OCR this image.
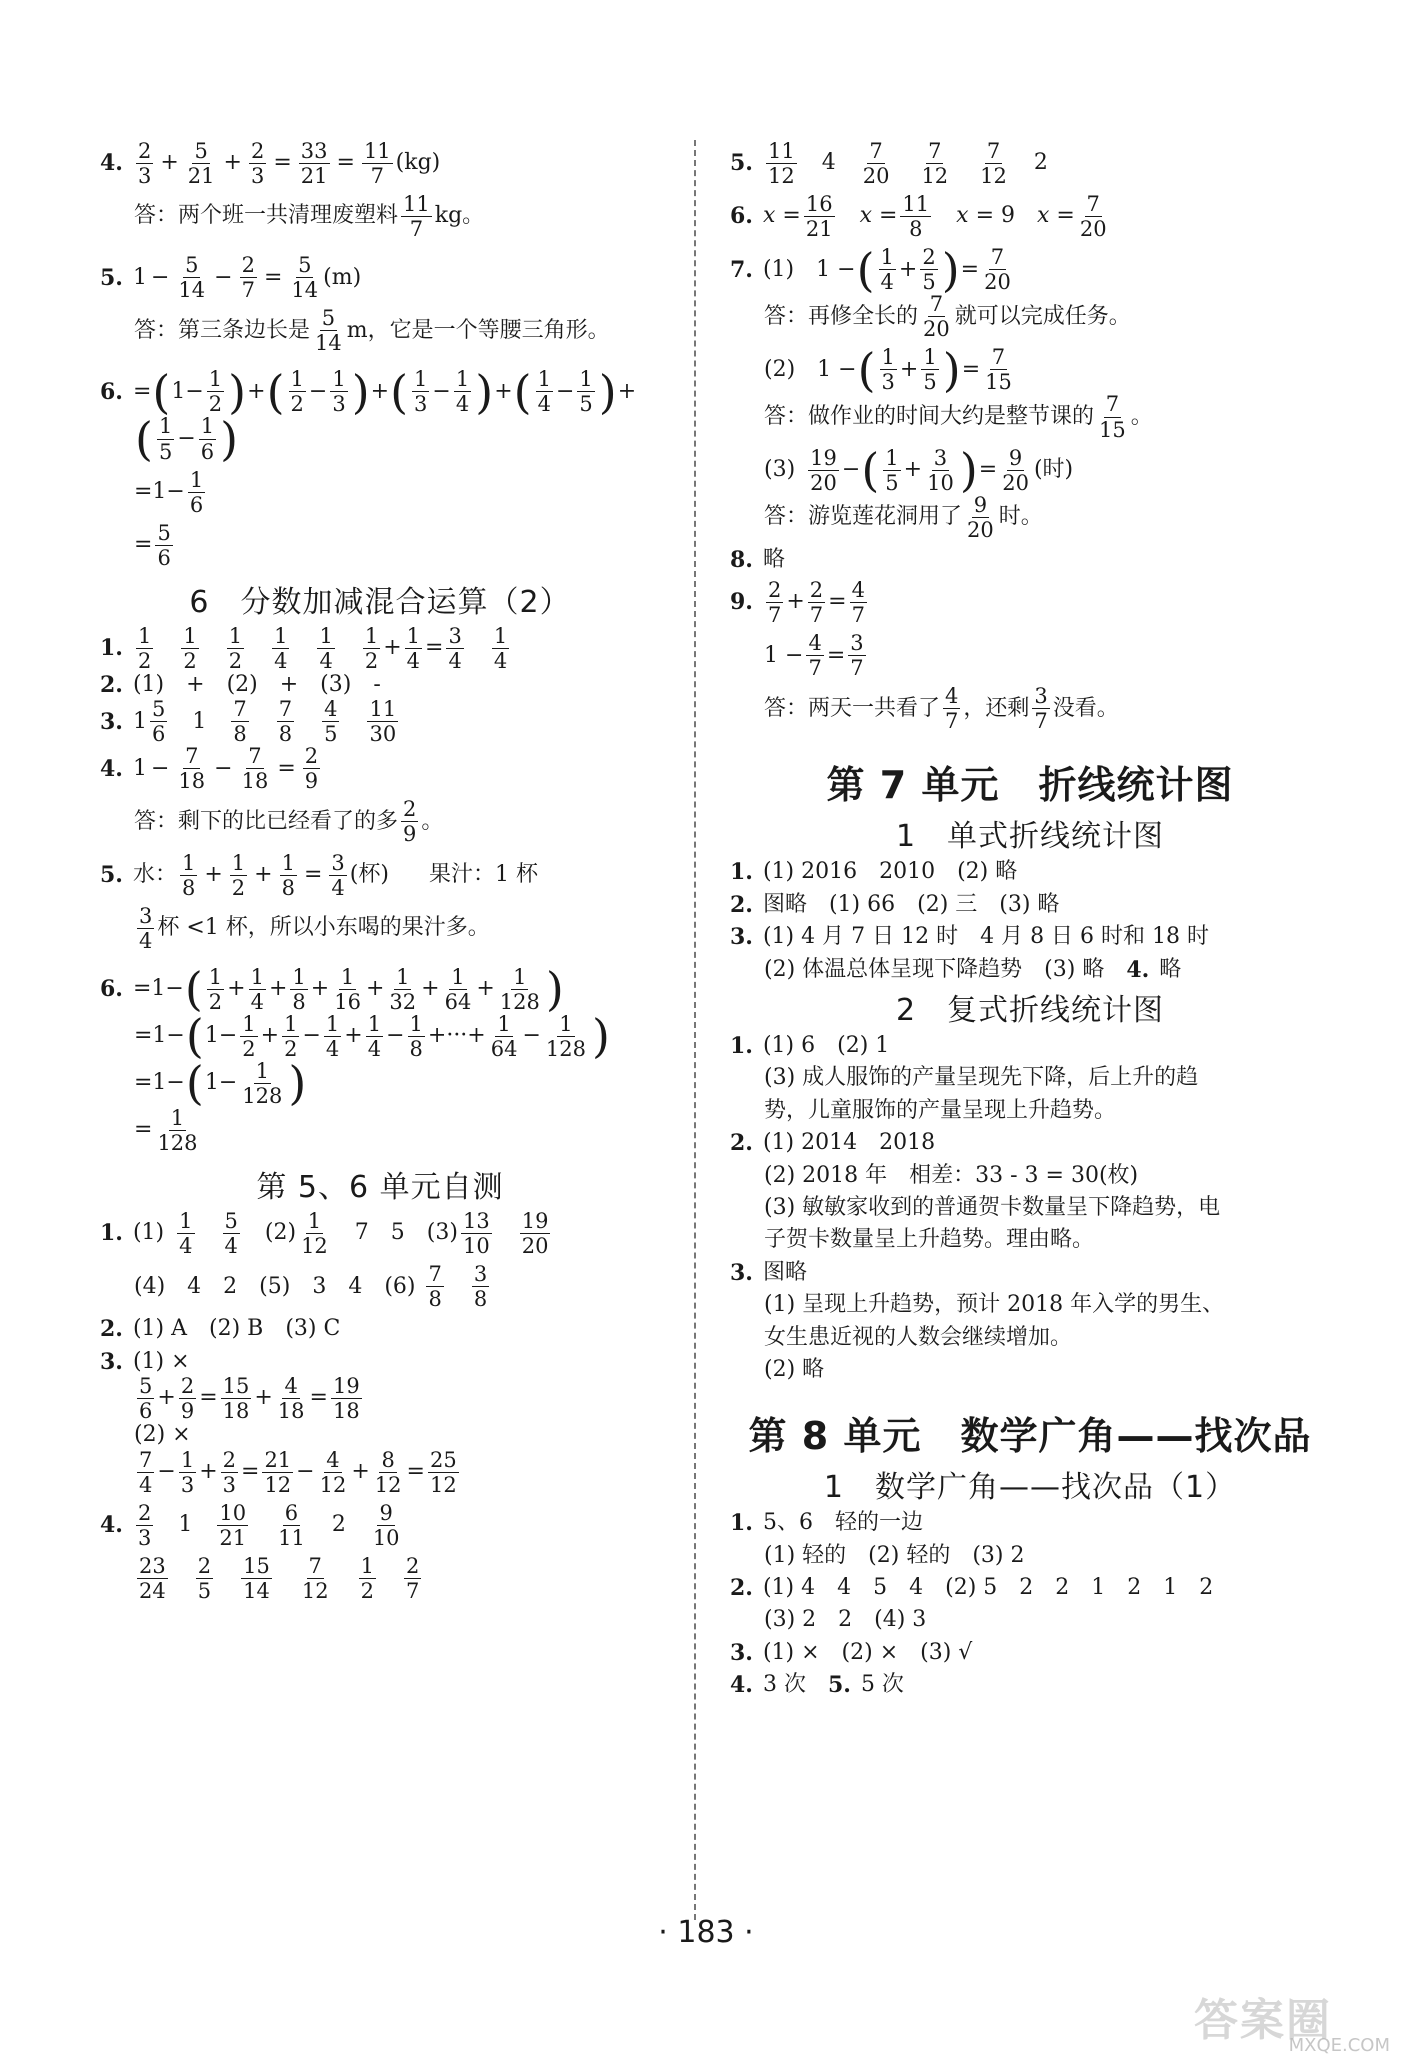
4. $\frac{2}{3} + \frac{5}{21} + \frac{2}{3} = \frac{33}{21} = \frac{11}{7} (kg)$
答：两个班一共清理废塑料 $\frac{11}{7}$ kg。
5. $1 - \frac{5}{14} - \frac{2}{7} = \frac{5}{14} (m)$
答：第三条边长是 $\frac{5}{14}$ m，它是一个等腰三角形。
6. = ( $1- \frac{1}{2}$ ) + ( $\frac{1}{2} - \frac{1}{3}$ ) + ( $\frac{1}{3} - \frac{1}{4}$ ) + ( $\frac{1}{4} - \frac{1}{5}$ ) +
( $\frac{1}{5} - \frac{1}{6}$ )
$=1- \frac{1}{6}$
= $\frac{5}{6}$
6　分数加减混合运算（2）
1. $\frac{1}{2} \frac{1}{2} \frac{1}{2} \frac{1}{4} \frac{1}{4} \frac{1}{2} + \frac{1}{4} = \frac{3}{4} \frac{1}{4}$
2. (1)　+　(2)　+　(3)　-
3. $1 \frac{5}{6} 1 \frac{7}{8} \frac{7}{8} \frac{4}{5} \frac{11}{30}$
4. $1 - \frac{7}{18} - \frac{7}{18} = \frac{2}{9}$
答：剩下的比已经看了的多 $\frac{2}{9}$ 。
5. 水： $\frac{1}{8} + \frac{1}{2} + \frac{1}{8} = \frac{3}{4}$ (杯) 果汁：1 杯
$\frac{3}{4}$ 杯 <1 杯，所以小东喝的果汁多。
6. =1− ( $\frac{1}{2} + \frac{1}{4} + \frac{1}{8} + \frac{1}{16} + \frac{1}{32} + \frac{1}{64} + \frac{1}{128}$ )
=1− ( $1- \frac{1}{2} + \frac{1}{2} - \frac{1}{4} + \frac{1}{4} - \frac{1}{8}$ +···+ $\frac{1}{64} - \frac{1}{128}$ )
=1− ( $1- \frac{1}{128}$ )
= $\frac{1}{128}$
第 5、6 单元自测
1. $(1) \frac{1}{4} \frac{5}{4} (2) \frac{1}{12} 7$ 5 $(3) \frac{13}{10} \frac{19}{20}$
(4)　4　2　(5)　3　4　$(6) \frac{7}{8} \frac{3}{8}$
2. (1) A　(2) B　(3) C
3. (1) ×
$\frac{5}{6} + \frac{2}{9} = \frac{15}{18} + \frac{4}{18} = \frac{19}{18}$
(2) ×
$\frac{7}{4} - \frac{1}{3} + \frac{2}{3} = \frac{21}{12} - \frac{4}{12} + \frac{8}{12} = \frac{25}{12}$
4. $\frac{2}{3} 1 \frac{10}{21} \frac{6}{11} 2 \frac{9}{10}$
$\frac{23}{24} \frac{2}{5} \frac{15}{14} \frac{7}{12} \frac{1}{2} \frac{2}{7}$
5. $\frac{11}{12} 4 \frac{7}{20} \frac{7}{12} \frac{7}{12} 2$
6. $x = \frac{16}{21}$ $x = \frac{11}{8}$ x = 9 $x = \frac{7}{20}$
7. (1)　1 − ( $\frac{1}{4} + \frac{2}{5}$ ) = $\frac{7}{20}$
答：再修全长的 $\frac{7}{20}$ 就可以完成任务。
(2)　1 − ( $\frac{1}{3} + \frac{1}{5}$ ) = $\frac{7}{15}$
答：做作业的时间大约是整节课的 $\frac{7}{15}$ 。
$(3) \frac{19}{20}$ − ( $\frac{1}{5} + \frac{3}{10}$ ) = $\frac{9}{20}$ (时)
答：游览莲花洞用了 $\frac{9}{20}$ 时。
8. 略
9. $\frac{2}{7} + \frac{2}{7} = \frac{4}{7}$
$1 - \frac{4}{7} = \frac{3}{7}$
答：两天一共看了 $\frac{4}{7}$ ，还剩 $\frac{3}{7}$ 没看。
第 7 单元　折线统计图
1　单式折线统计图
1. (1) 2016　2010　(2) 略
2. 图略　(1) 66　(2) 三　(3) 略
3. (1) 4 月 7 日 12 时　4 月 8 日 6 时和 18 时
(2) 体温总体呈现下降趋势　(3) 略　 4. 略
2　复式折线统计图
1. (1) 6　(2) 1
(3) 成人服饰的产量呈现先下降，后上升的趋
势，儿童服饰的产量呈现上升趋势。
2. (1) 2014　2018
(2) 2018 年　相差：33 - 3 = 30(枚)
(3) 敏敏家收到的普通贺卡数量呈下降趋势，电
子贺卡数量呈上升趋势。理由略。
3. 图略
(1) 呈现上升趋势，预计 2018 年入学的男生、
女生患近视的人数会继续增加。
(2) 略
第 8 单元　数学广角——找次品
1　数学广角——找次品（1）
1. 5、6　轻的一边
(1) 轻的　(2) 轻的　(3) 2
2. (1) 4　4　5　4　(2) 5　2　2　1　2　1　2
(3) 2　2　(4) 3
3. (1) ×　(2) ×　(3) √
4. 3 次　 5. 5 次
· 183 ·
答案圈
MXQE.COM
